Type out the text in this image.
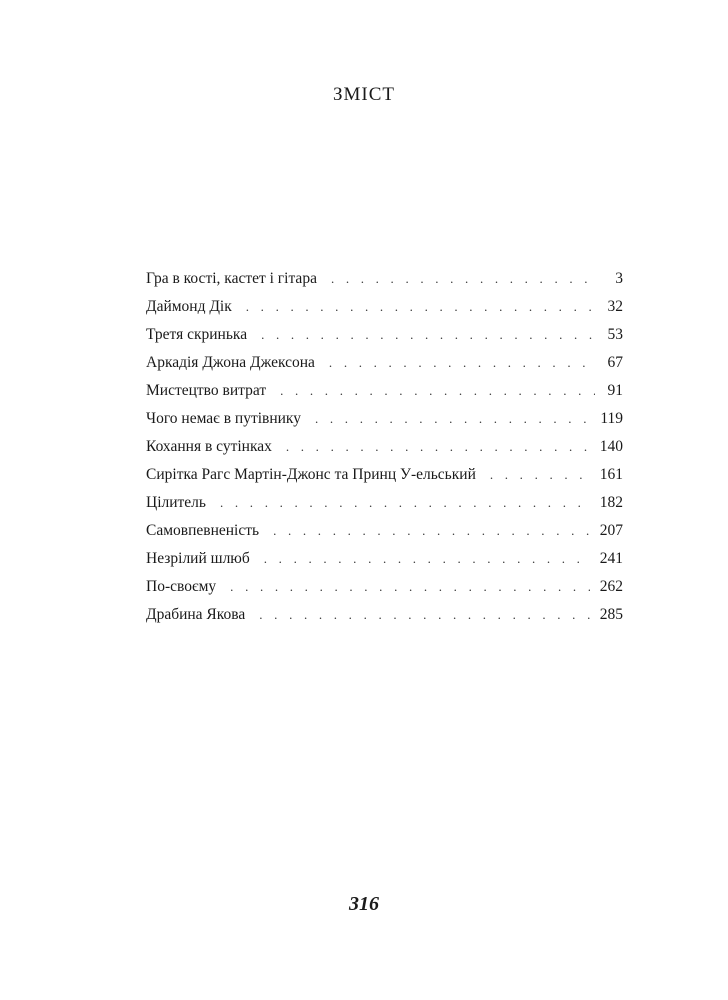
ЗМІСТ
Гра в кості, кастет і гітара . . .	3
Даймонд Дік . . .	32
Третя скринька . . .	53
Аркадія Джона Джексона . . .	67
Мистецтво витрат . . .	91
Чого немає в путівнику . . .	119
Кохання в сутінках . . .	140
Сирітка Рагс Мартін-Джонс та Принц У-ельський . . .	161
Цілитель . . .	182
Самовпевненість . . .	207
Незрілий шлюб . . .	241
По-своєму . . .	262
Драбина Якова . . .	285
316
